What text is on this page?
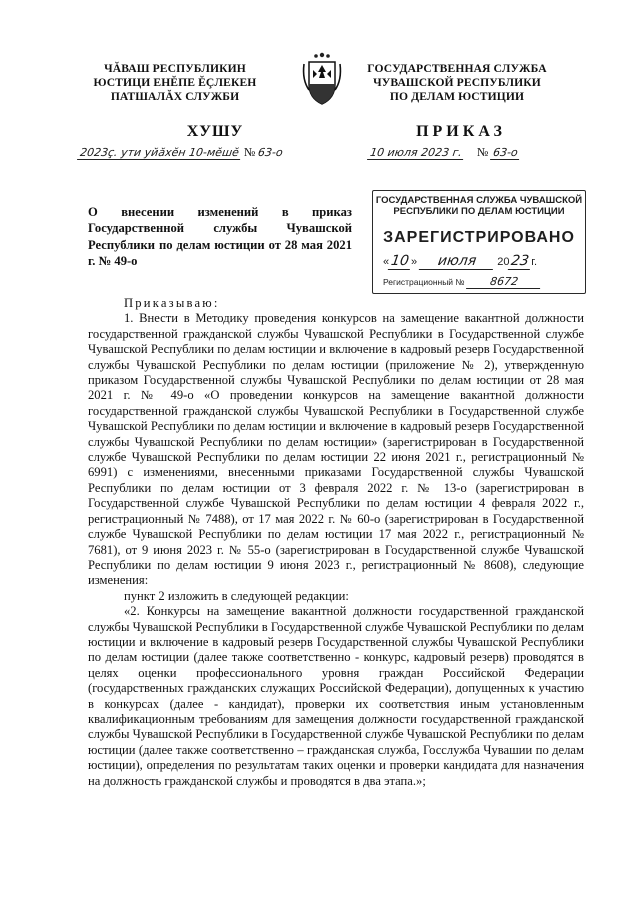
ЧĂВАШ РЕСПУБЛИКИН
ЮСТИЦИ ЕНĔПЕ ĔÇЛЕКЕН
ПАТШАЛĂХ СЛУЖБИ
ГОСУДАРСТВЕННАЯ СЛУЖБА
ЧУВАШСКОЙ РЕСПУБЛИКИ
ПО ДЕЛАМ ЮСТИЦИИ
ХУШУ	ПРИКАЗ
2023ç. ути уйăхĕн 10-мĕшĕ № 63-о	10 июля 2023 г. № 63-о
О внесении изменений в приказ Государственной службы Чувашской Республики по делам юстиции от 28 мая 2021 г. № 49-о
ГОСУДАРСТВЕННАЯ СЛУЖБА ЧУВАШСКОЙ РЕСПУБЛИКИ ПО ДЕЛАМ ЮСТИЦИИ
ЗАРЕГИСТРИРОВАНО
«10» июля 2023г.
Регистрационный № 8672

Приказываю:

1. Внести в Методику проведения конкурсов на замещение вакантной должности государственной гражданской службы Чувашской Республики в Государственной службе Чувашской Республики по делам юстиции и включение в кадровый резерв Государственной службы Чувашской Республики по делам юстиции (приложение № 2), утвержденную приказом Государственной службы Чувашской Республики по делам юстиции от 28 мая 2021 г. № 49-о «О проведении конкурсов на замещение вакантной должности государственной гражданской службы Чувашской Республики в Государственной службе Чувашской Республики по делам юстиции и включение в кадровый резерв Государственной службы Чувашской Республики по делам юстиции» (зарегистрирован в Государственной службе Чувашской Республики по делам юстиции 22 июня 2021 г., регистрационный № 6991) с изменениями, внесенными приказами Государственной службы Чувашской Республики по делам юстиции от 3 февраля 2022 г. № 13-о (зарегистрирован в Государственной службе Чувашской Республики по делам юстиции 4 февраля 2022 г., регистрационный № 7488), от 17 мая 2022 г. № 60-о (зарегистрирован в Государственной службе Чувашской Республики по делам юстиции 17 мая 2022 г., регистрационный № 7681), от 9 июня 2023 г. № 55-о (зарегистрирован в Государственной службе Чувашской Республики по делам юстиции 9 июня 2023 г., регистрационный № 8608), следующие изменения:

пункт 2 изложить в следующей редакции:

«2. Конкурсы на замещение вакантной должности государственной гражданской службы Чувашской Республики в Государственной службе Чувашской Республики по делам юстиции и включение в кадровый резерв Государственной службы Чувашской Республики по делам юстиции (далее также соответственно - конкурс, кадровый резерв) проводятся в целях оценки профессионального уровня граждан Российской Федерации (государственных гражданских служащих Российской Федерации), допущенных к участию в конкурсах (далее - кандидат), проверки их соответствия иным установленным квалификационным требованиям для замещения должности государственной гражданской службы Чувашской Республики в Государственной службе Чувашской Республики по делам юстиции (далее также соответственно – гражданская служба, Госслужба Чувашии по делам юстиции), определения по результатам таких оценки и проверки кандидата для назначения на должность гражданской службы и проводятся в два этапа.»;
